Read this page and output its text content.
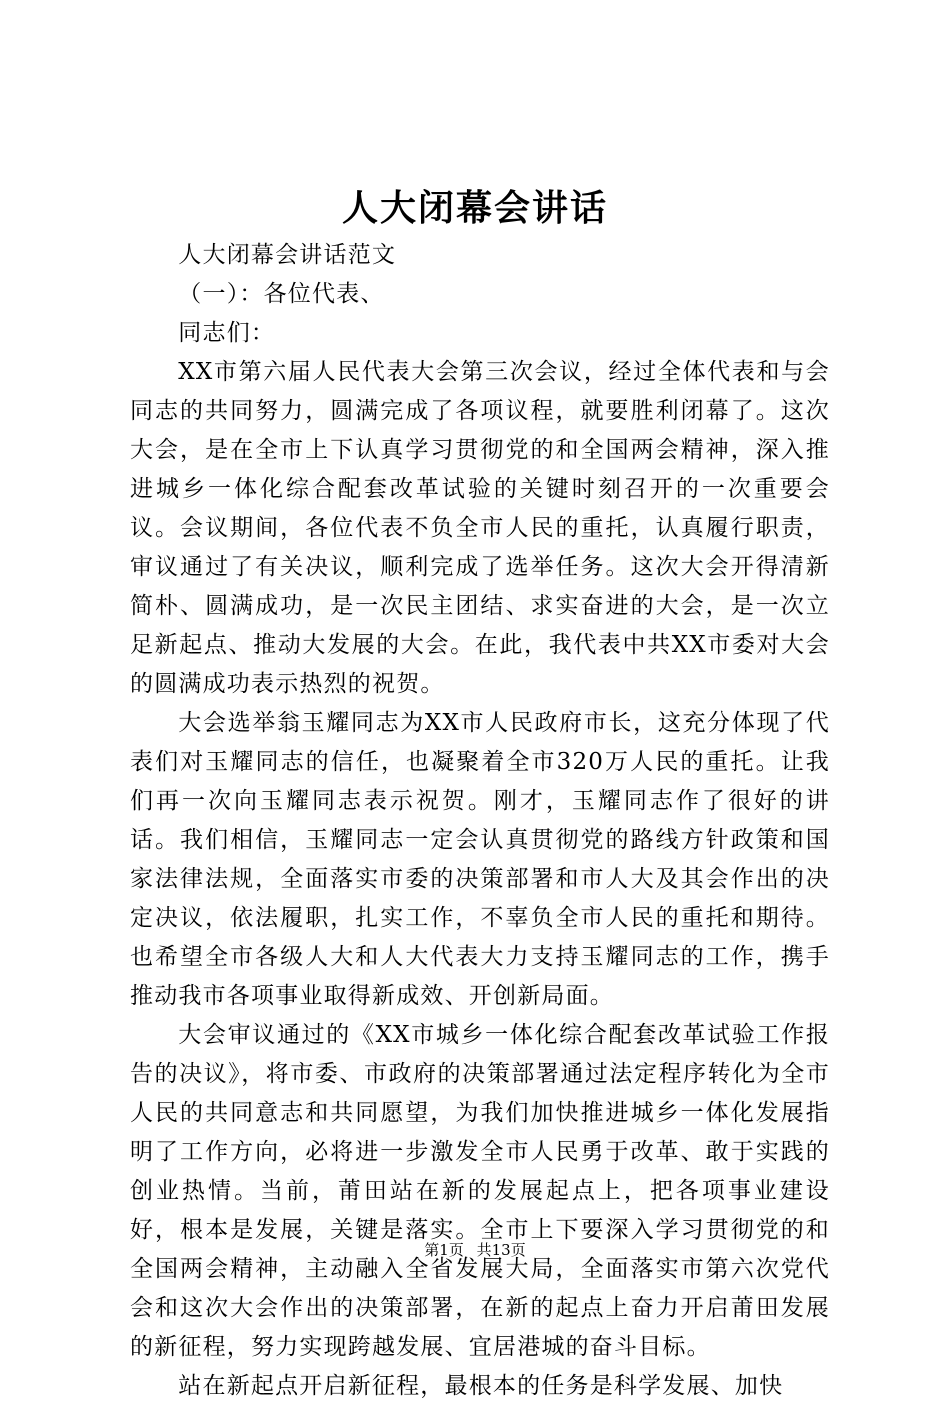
人大闭幕会讲话

人大闭幕会讲话范文

（一）：各位代表、

同志们：

XX市第六届人民代表大会第三次会议，经过全体代表和与会同志的共同努力，圆满完成了各项议程，就要胜利闭幕了。这次大会，是在全市上下认真学习贯彻党的和全国两会精神，深入推进城乡一体化综合配套改革试验的关键时刻召开的一次重要会议。会议期间，各位代表不负全市人民的重托，认真履行职责，审议通过了有关决议，顺利完成了选举任务。这次大会开得清新简朴、圆满成功，是一次民主团结、求实奋进的大会，是一次立足新起点、推动大发展的大会。在此，我代表中共XX市委对大会的圆满成功表示热烈的祝贺。

大会选举翁玉耀同志为XX市人民政府市长，这充分体现了代表们对玉耀同志的信任，也凝聚着全市320万人民的重托。让我们再一次向玉耀同志表示祝贺。刚才，玉耀同志作了很好的讲话。我们相信，玉耀同志一定会认真贯彻党的路线方针政策和国家法律法规，全面落实市委的决策部署和市人大及其会作出的决定决议，依法履职，扎实工作，不辜负全市人民的重托和期待。也希望全市各级人大和人大代表大力支持玉耀同志的工作，携手推动我市各项事业取得新成效、开创新局面。

大会审议通过的《XX市城乡一体化综合配套改革试验工作报告的决议》，将市委、市政府的决策部署通过法定程序转化为全市人民的共同意志和共同愿望，为我们加快推进城乡一体化发展指明了工作方向，必将进一步激发全市人民勇于改革、敢于实践的创业热情。当前，莆田站在新的发展起点上，把各项事业建设好，根本是发展，关键是落实。全市上下要深入学习贯彻党的和全国两会精神，主动融入全省发展大局，全面落实市第六次党代会和这次大会作出的决策部署，在新的起点上奋力开启莆田发展的新征程，努力实现跨越发展、宜居港城的奋斗目标。

站在新起点开启新征程，最根本的任务是科学发展、加快

第1页 共13页
